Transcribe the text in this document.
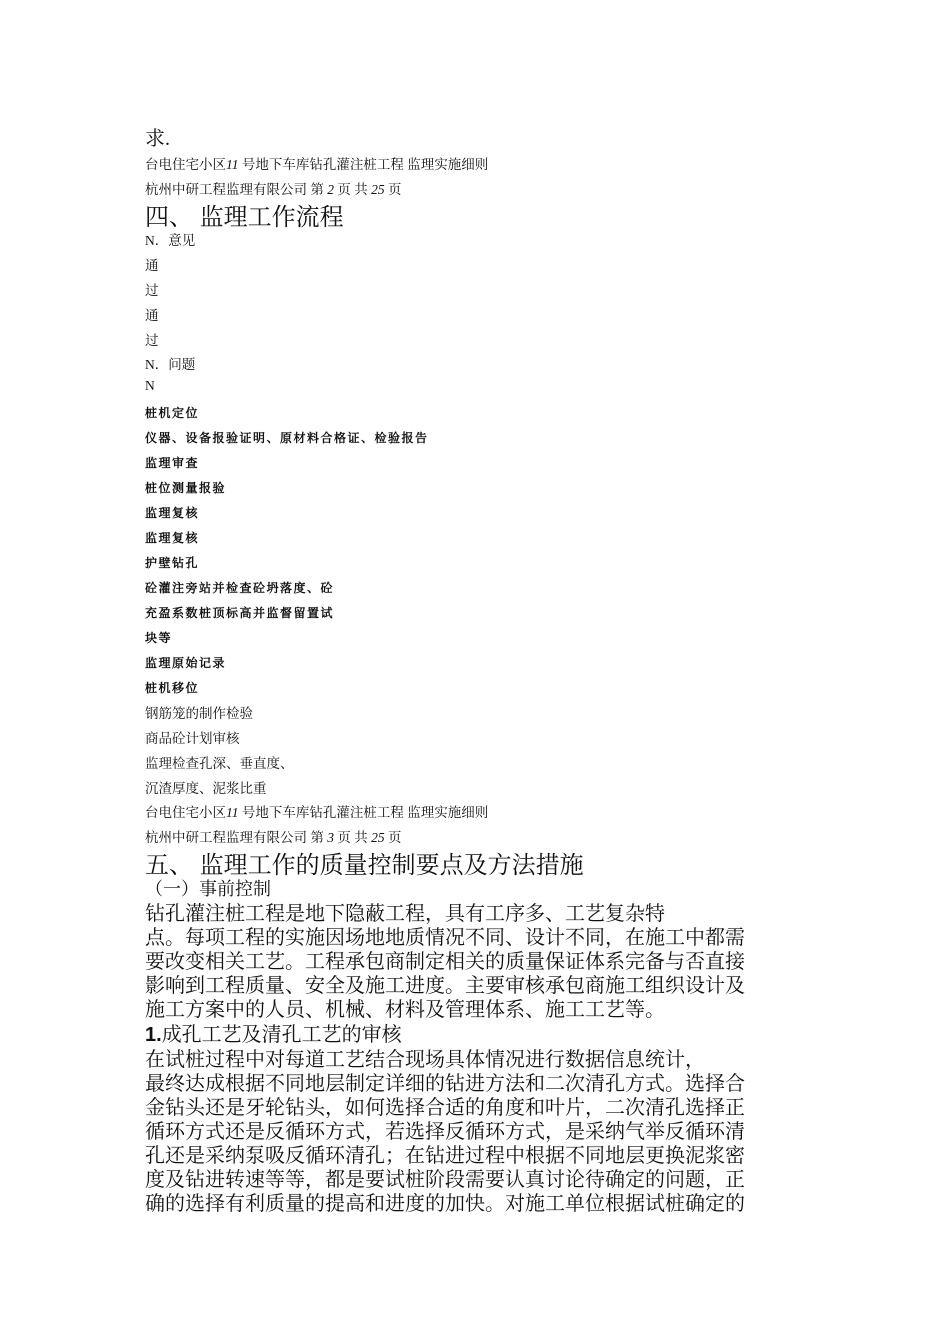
求.
台电住宅小区11 号地下车库钻孔灌注桩工程 监理实施细则
杭州中研工程监理有限公司 第 2 页 共 25 页
四、 监理工作流程
N．意见
通
过
通
过
N．问题
N
桩机定位
仪器、设备报验证明、原材料合格证、检验报告
监理审查
桩位测量报验
监理复核
监理复核
护壁钻孔
砼灌注旁站并检查砼坍落度、砼
充盈系数桩顶标高并监督留置试
块等
监理原始记录
桩机移位
钢筋笼的制作检验
商品砼计划审核
监理检查孔深、垂直度、
沉渣厚度、泥浆比重
台电住宅小区11 号地下车库钻孔灌注桩工程 监理实施细则
杭州中研工程监理有限公司 第 3 页 共 25 页
五、 监理工作的质量控制要点及方法措施
（一）事前控制
钻孔灌注桩工程是地下隐蔽工程，具有工序多、工艺复杂特
点。每项工程的实施因场地地质情况不同、设计不同，在施工中都需
要改变相关工艺。工程承包商制定相关的质量保证体系完备与否直接
影响到工程质量、安全及施工进度。主要审核承包商施工组织设计及
施工方案中的人员、机械、材料及管理体系、施工工艺等。
1.成孔工艺及清孔工艺的审核
在试桩过程中对每道工艺结合现场具体情况进行数据信息统计，
最终达成根据不同地层制定详细的钻进方法和二次清孔方式。选择合
金钻头还是牙轮钻头，如何选择合适的角度和叶片，二次清孔选择正
循环方式还是反循环方式，若选择反循环方式，是采纳气举反循环清
孔还是采纳泵吸反循环清孔；在钻进过程中根据不同地层更换泥浆密
度及钻进转速等等，都是要试桩阶段需要认真讨论待确定的问题，正
确的选择有利质量的提高和进度的加快。对施工单位根据试桩确定的
